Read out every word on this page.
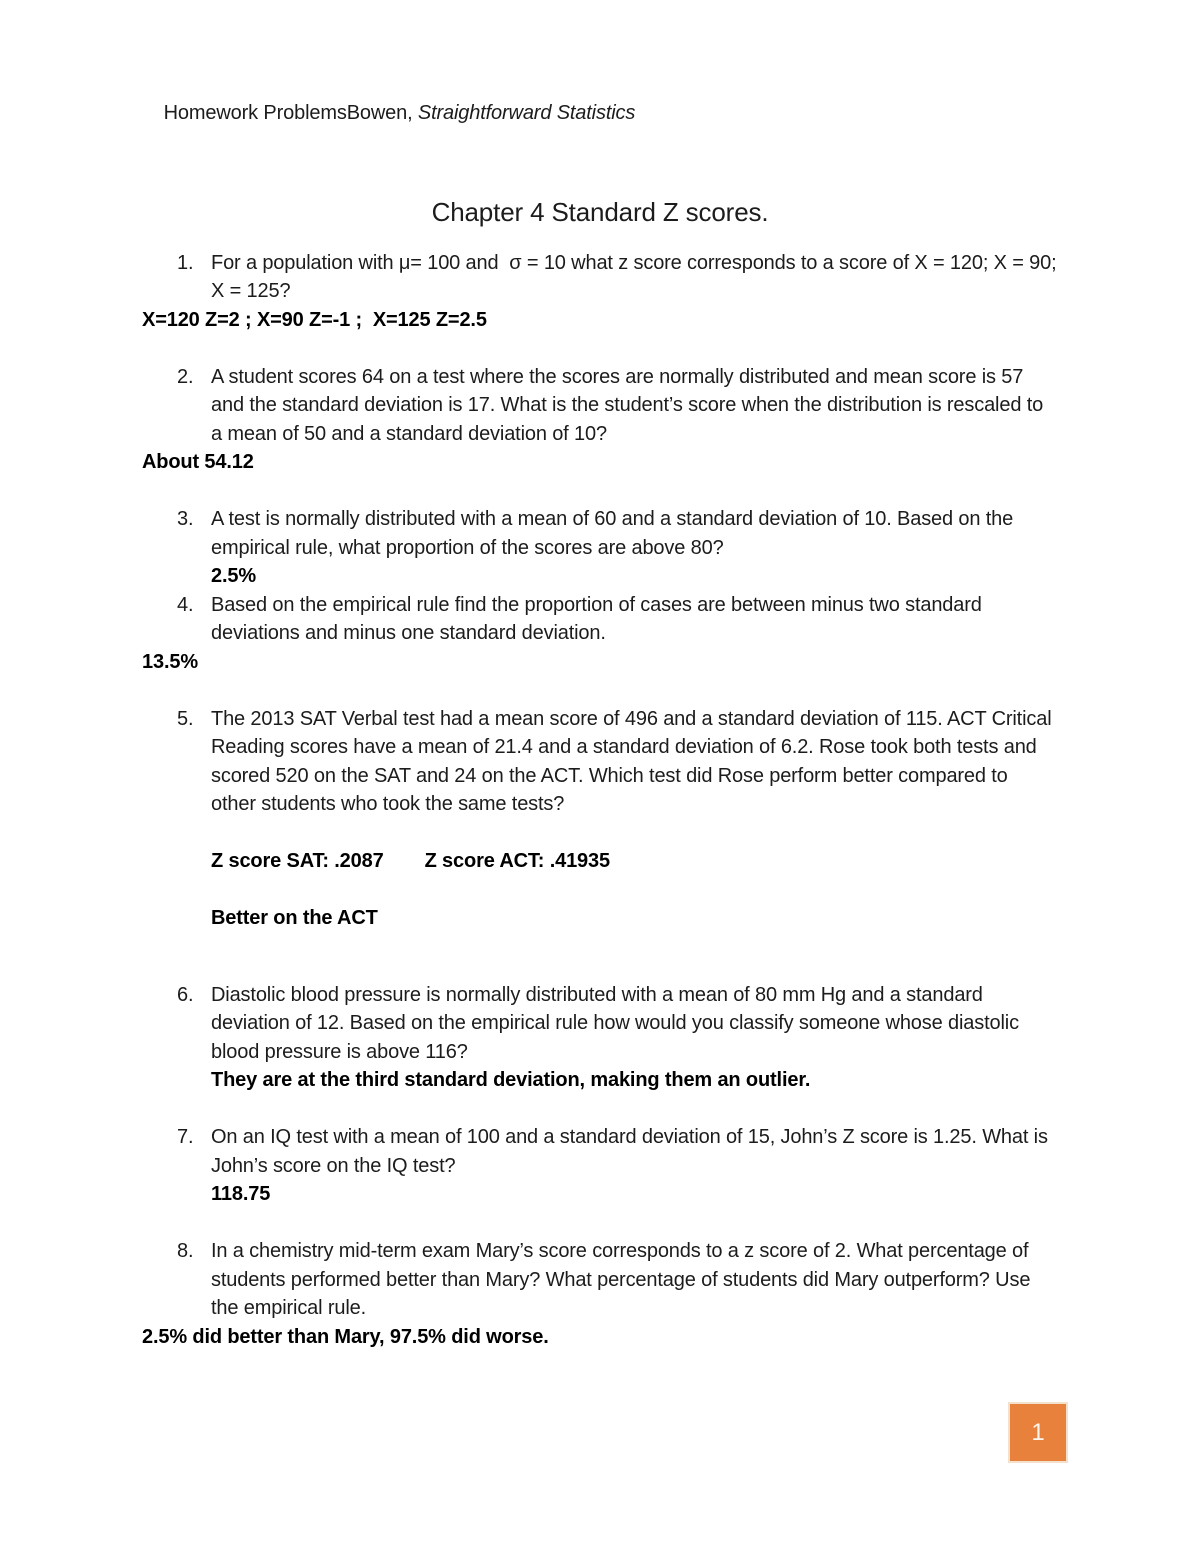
Homework ProblemsBowen, Straightforward Statistics

Chapter 4 Standard Z scores.
1. For a population with μ= 100 and  σ = 10 what z score corresponds to a score of X = 120; X = 90;
X = 125?
X=120 Z=2 ; X=90 Z=-1 ;  X=125 Z=2.5
2. A student scores 64 on a test where the scores are normally distributed and mean score is 57
and the standard deviation is 17. What is the student’s score when the distribution is rescaled to
a mean of 50 and a standard deviation of 10?
About 54.12
3. A test is normally distributed with a mean of 60 and a standard deviation of 10. Based on the
empirical rule, what proportion of the scores are above 80?
2.5%
4. Based on the empirical rule find the proportion of cases are between minus two standard
deviations and minus one standard deviation.
13.5%
5. The 2013 SAT Verbal test had a mean score of 496 and a standard deviation of 115. ACT Critical
Reading scores have a mean of 21.4 and a standard deviation of 6.2. Rose took both tests and
scored 520 on the SAT and 24 on the ACT. Which test did Rose perform better compared to
other students who took the same tests?
Z score SAT: .2087 Z score ACT: .41935
Better on the ACT
6. Diastolic blood pressure is normally distributed with a mean of 80 mm Hg and a standard
deviation of 12. Based on the empirical rule how would you classify someone whose diastolic
blood pressure is above 116?
They are at the third standard deviation, making them an outlier.
7. On an IQ test with a mean of 100 and a standard deviation of 15, John’s Z score is 1.25. What is
John’s score on the IQ test?
118.75
8. In a chemistry mid-term exam Mary’s score corresponds to a z score of 2. What percentage of
students performed better than Mary? What percentage of students did Mary outperform? Use
the empirical rule.
2.5% did better than Mary, 97.5% did worse.
1
